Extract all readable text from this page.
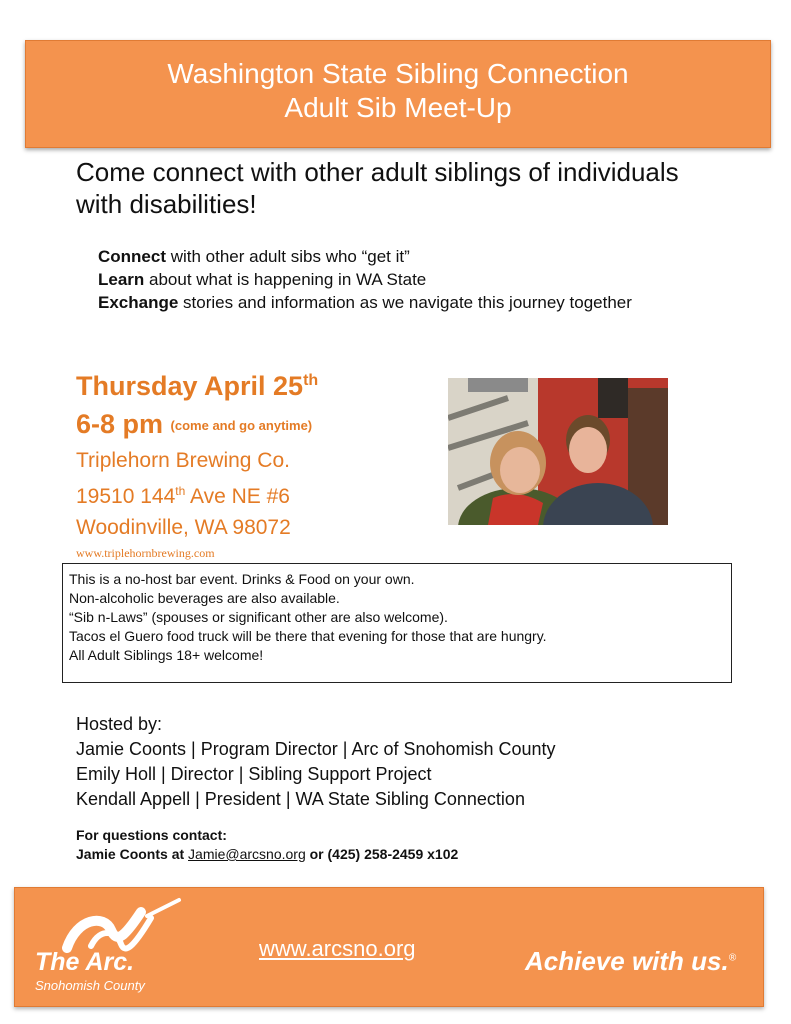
Washington State Sibling Connection
Adult Sib Meet-Up
Come connect with other adult siblings of individuals with disabilities!
Connect with other adult sibs who “get it”
Learn about what is happening in WA State
Exchange stories and information as we navigate this journey together
Thursday April 25th
6-8 pm (come and go anytime)
Triplehorn Brewing Co.
19510 144th Ave NE #6
Woodinville, WA 98072
www.triplehornbrewing.com
This is a no-host bar event. Drinks & Food on your own.
Non-alcoholic beverages are also available.
“Sib n-Laws” (spouses or significant other are also welcome).
Tacos el Guero food truck will be there that evening for those that are hungry.
All Adult Siblings 18+ welcome!
Hosted by:
Jamie Coonts | Program Director | Arc of Snohomish County
Emily Holl | Director | Sibling Support Project
Kendall Appell | President | WA State Sibling Connection
For questions contact:
Jamie Coonts at Jamie@arcsno.org or (425) 258-2459 x102
The Arc.
Snohomish County
www.arcsno.org	Achieve with us.®
